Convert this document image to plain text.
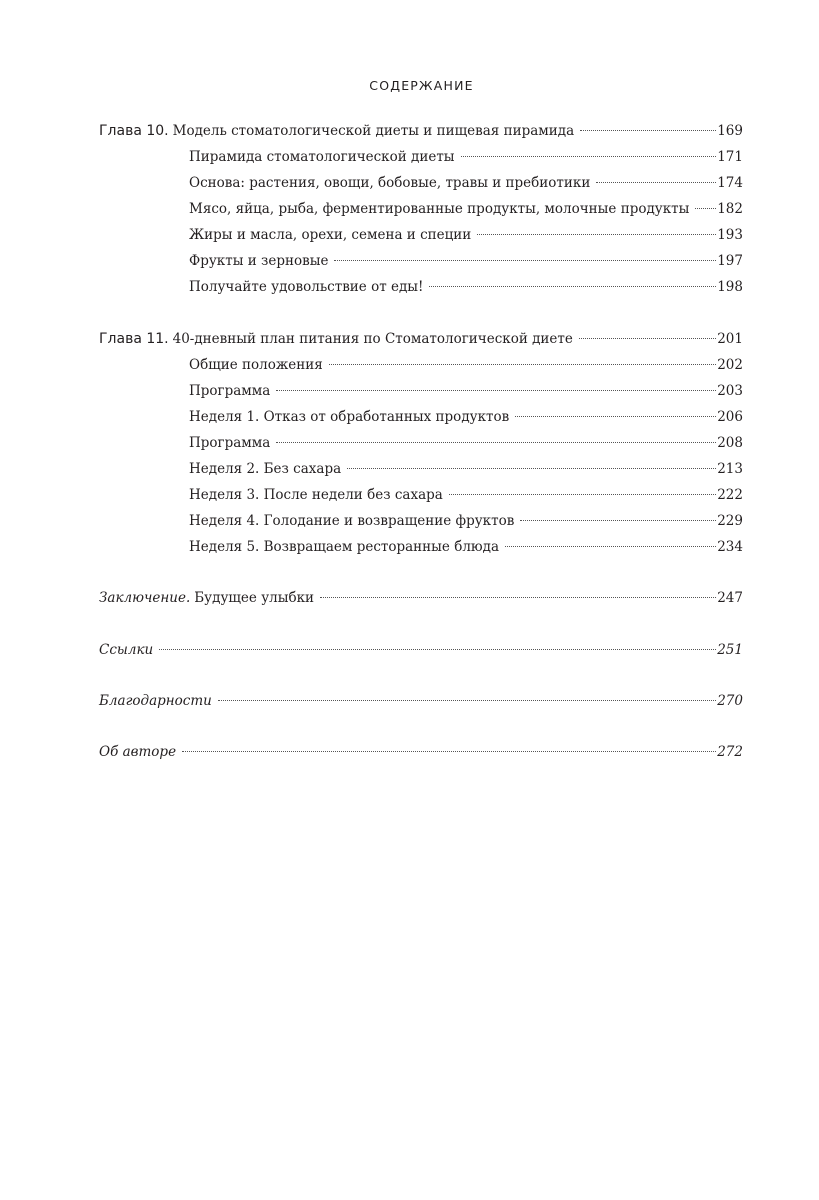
СОДЕРЖАНИЕ
Глава 10. Модель стоматологической диеты и пищевая пирамида	169
Пирамида стоматологической диеты	171
Основа: растения, овощи, бобовые, травы и пребиотики	174
Мясо, яйца, рыба, ферментированные продукты, молочные продукты 182
Жиры и масла, орехи, семена и специи	193
Фрукты и зерновые	197
Получайте удовольствие от еды!	198
Глава 11. 40-дневный план питания по Стоматологической диете	201
Общие положения	202
Программа	203
Неделя 1. Отказ от обработанных продуктов	206
Программа	208
Неделя 2. Без сахара	213
Неделя 3. После недели без сахара	222
Неделя 4. Голодание и возвращение фруктов	229
Неделя 5. Возвращаем ресторанные блюда	234
Заключение. Будущее улыбки	247
Ссылки	251
Благодарности	270
Об авторе	272
